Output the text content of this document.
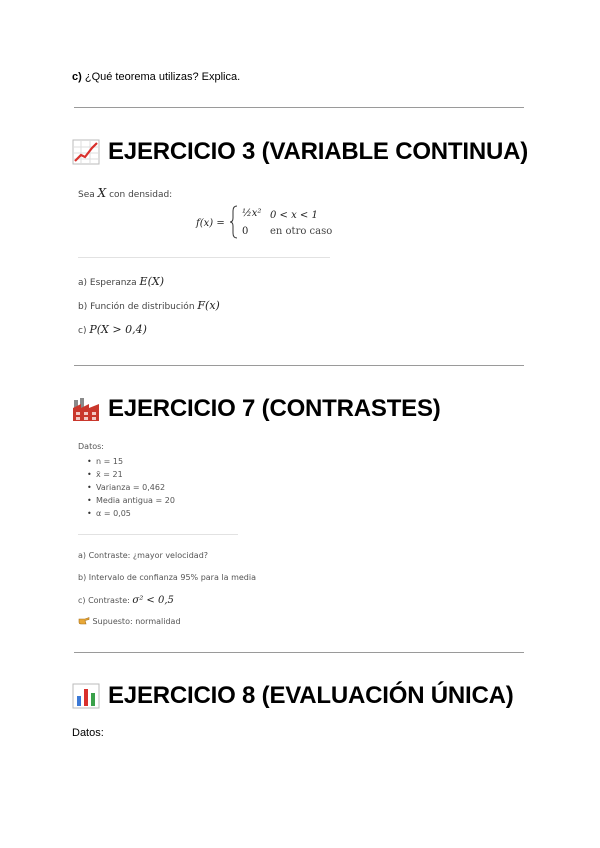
c) ¿Qué teorema utilizas? Explica.
EJERCICIO 3 (VARIABLE CONTINUA)
Sea X con densidad:
f(x) =
½x² 0 < x < 1
0 en otro caso
a) Esperanza E(X)
b) Función de distribución F(x)
c) P(X > 0,4)
EJERCICIO 7 (CONTRASTES)
Datos:
• n = 15
• x̄ = 21
• Varianza = 0,462
• Media antigua = 20
• α = 0,05
a) Contraste: ¿mayor velocidad?
b) Intervalo de confianza 95% para la media
c) Contraste: σ² < 0,5
Supuesto: normalidad
EJERCICIO 8 (EVALUACIÓN ÚNICA)
Datos:
